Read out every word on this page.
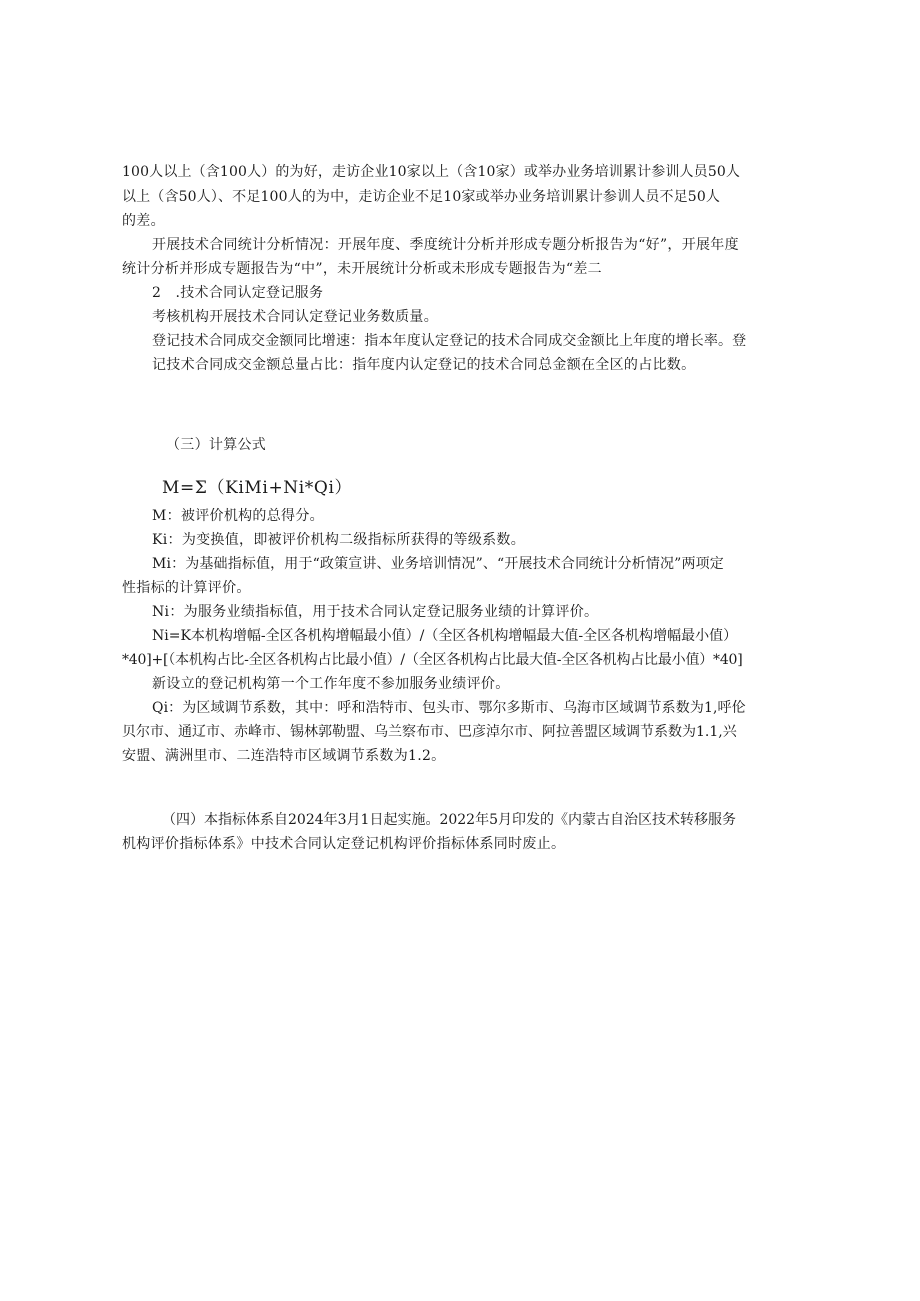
100人以上（含100人）的为好，走访企业10家以上（含10家）或举办业务培训累计参训人员50人
以上（含50人）、不足100人的为中，走访企业不足10家或举办业务培训累计参训人员不足50人
的差。
开展技术合同统计分析情况：开展年度、季度统计分析并形成专题分析报告为“好”，开展年度
统计分析并形成专题报告为“中”，未开展统计分析或未形成专题报告为“差二
2　.技术合同认定登记服务
考核机构开展技术合同认定登记业务数质量。
登记技术合同成交金额同比增速：指本年度认定登记的技术合同成交金额比上年度的增长率。登
记技术合同成交金额总量占比：指年度内认定登记的技术合同总金额在全区的占比数。
（三）计算公式
M=Σ（KiMi+Ni*Qi）
M：被评价机构的总得分。
Ki：为变换值，即被评价机构二级指标所获得的等级系数。
Mi：为基础指标值，用于“政策宣讲、业务培训情况”、“开展技术合同统计分析情况”两项定
性指标的计算评价。
Ni：为服务业绩指标值，用于技术合同认定登记服务业绩的计算评价。
Ni=K本机构增幅-全区各机构增幅最小值）/（全区各机构增幅最大值-全区各机构增幅最小值）
*40]+[（本机构占比-全区各机构占比最小值）/（全区各机构占比最大值-全区各机构占比最小值）*40]
新设立的登记机构第一个工作年度不参加服务业绩评价。
Qi：为区域调节系数，其中：呼和浩特市、包头市、鄂尔多斯市、乌海市区域调节系数为1,呼伦
贝尔市、通辽市、赤峰市、锡林郭勒盟、乌兰察布市、巴彦淖尔市、阿拉善盟区域调节系数为1.1,兴
安盟、满洲里市、二连浩特市区域调节系数为1.2。
（四）本指标体系自2024年3月1日起实施。2022年5月印发的《内蒙古自治区技术转移服务
机构评价指标体系》中技术合同认定登记机构评价指标体系同时废止。
